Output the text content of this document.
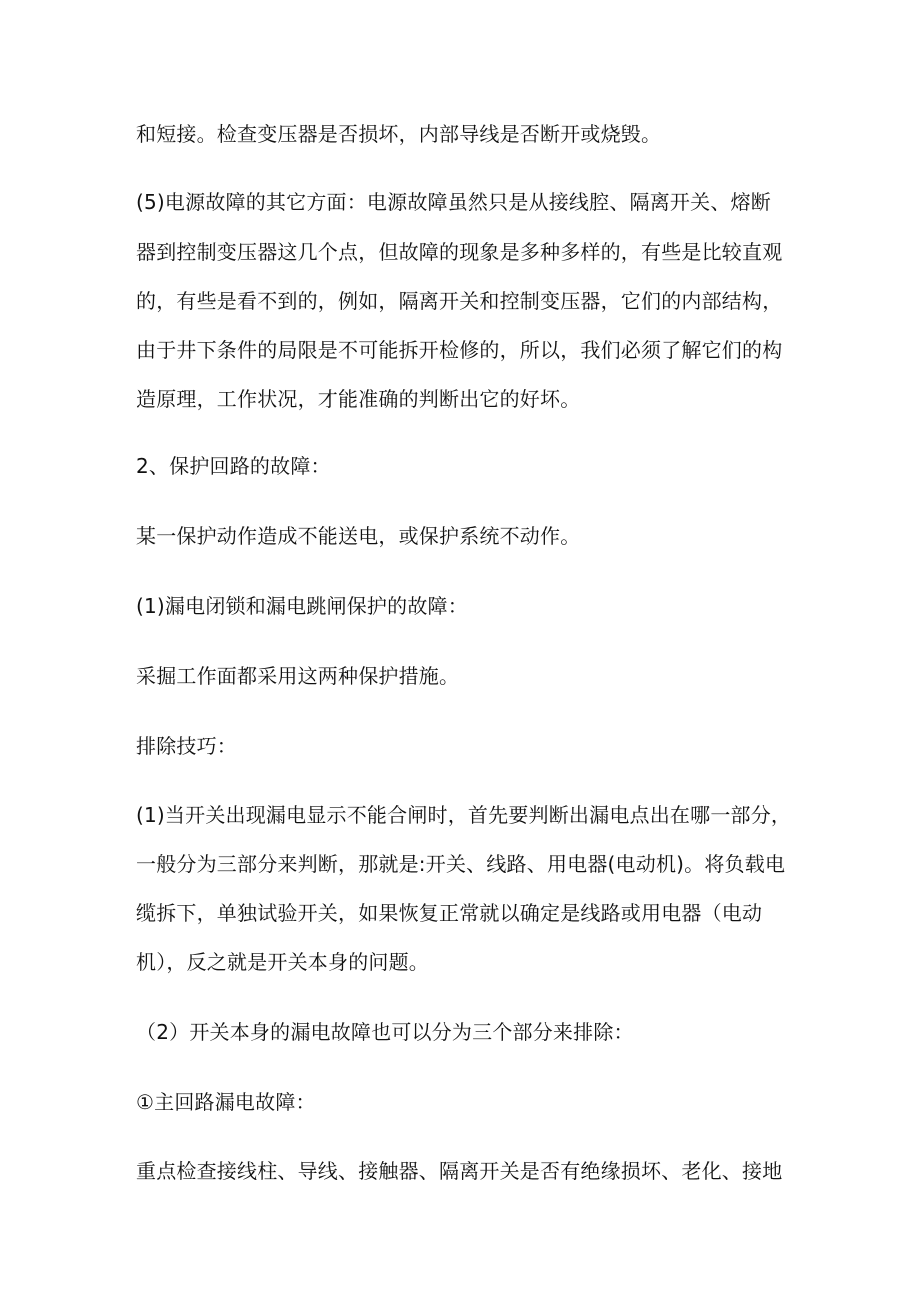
和短接。检查变压器是否损坏，内部导线是否断开或烧毁。
(5)电源故障的其它方面：电源故障虽然只是从接线腔、隔离开关、熔断
器到控制变压器这几个点，但故障的现象是多种多样的，有些是比较直观
的，有些是看不到的，例如，隔离开关和控制变压器，它们的内部结构，
由于井下条件的局限是不可能拆开检修的，所以，我们必须了解它们的构
造原理，工作状况，才能准确的判断出它的好坏。
2、保护回路的故障：
某一保护动作造成不能送电，或保护系统不动作。
(1)漏电闭锁和漏电跳闸保护的故障：
采掘工作面都采用这两种保护措施。
排除技巧：
(1)当开关出现漏电显示不能合闸时，首先要判断出漏电点出在哪一部分，
一般分为三部分来判断，那就是:开关、线路、用电器(电动机)。将负载电
缆拆下，单独试验开关，如果恢复正常就以确定是线路或用电器（电动
机），反之就是开关本身的问题。
（2）开关本身的漏电故障也可以分为三个部分来排除：
①主回路漏电故障：
重点检查接线柱、导线、接触器、隔离开关是否有绝缘损坏、老化、接地
